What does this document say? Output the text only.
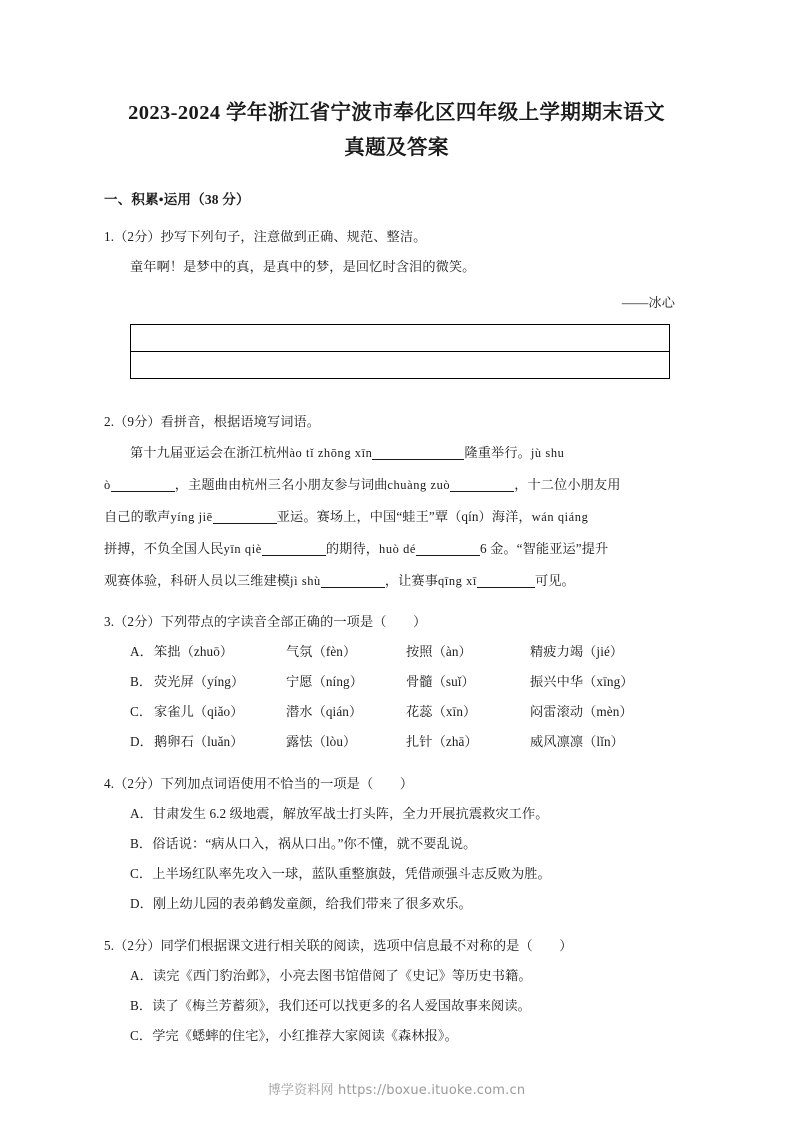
2023-2024 学年浙江省宁波市奉化区四年级上学期期末语文
真题及答案
一、积累•运用（38 分）

1.（2分）抄写下列句子，注意做到正确、规范、整洁。

童年啊！是梦中的真，是真中的梦，是回忆时含泪的微笑。

——冰心

2.（9分）看拼音，根据语境写词语。

第十九届亚运会在浙江杭州ào tǐ zhōng xīn	隆重举行。jù shu

ò	，主题曲由杭州三名小朋友参与词曲chuàng zuò	，十二位小朋友用

自己的歌声yíng jiē	亚运。赛场上，中国“蛙王”覃（qín）海洋，wán qiáng

拼搏，不负全国人民yīn qiè	的期待，huò dé	6 金。“智能亚运”提升

观赛体验，科研人员以三维建模jì shù	，让赛事qīng xī	可见。

3.（2分）下列带点的字读音全部正确的一项是（　　）

A． 笨拙（zhuō）	气氛（fèn）	按照（àn）	精疲力竭（jié）
B． 荧光屏（yíng）	宁愿（níng）	骨髓（suǐ）	振兴中华（xīng）
C． 家雀儿（qiǎo）	潜水（qián）	花蕊（xīn）	闷雷滚动（mèn）
D． 鹅卵石（luǎn）	露怯（lòu）	扎针（zhā）	威风凛凛（lǐn）

4.（2分）下列加点词语使用不恰当的一项是（　　）

A．甘肃发生 6.2 级地震，解放军战士打头阵，全力开展抗震救灾工作。

B．俗话说：“病从口入，祸从口出。”你不懂，就不要乱说。

C．上半场红队率先攻入一球，蓝队重整旗鼓，凭借顽强斗志反败为胜。

D．刚上幼儿园的表弟鹤发童颜，给我们带来了很多欢乐。

5.（2分）同学们根据课文进行相关联的阅读，选项中信息最不对称的是（　　）

A．读完《西门豹治邺》，小亮去图书馆借阅了《史记》等历史书籍。

B．读了《梅兰芳蓄须》，我们还可以找更多的名人爱国故事来阅读。

C．学完《蟋蟀的住宅》，小红推荐大家阅读《森林报》。

博学资料网 https://boxue.ituoke.com.cn
